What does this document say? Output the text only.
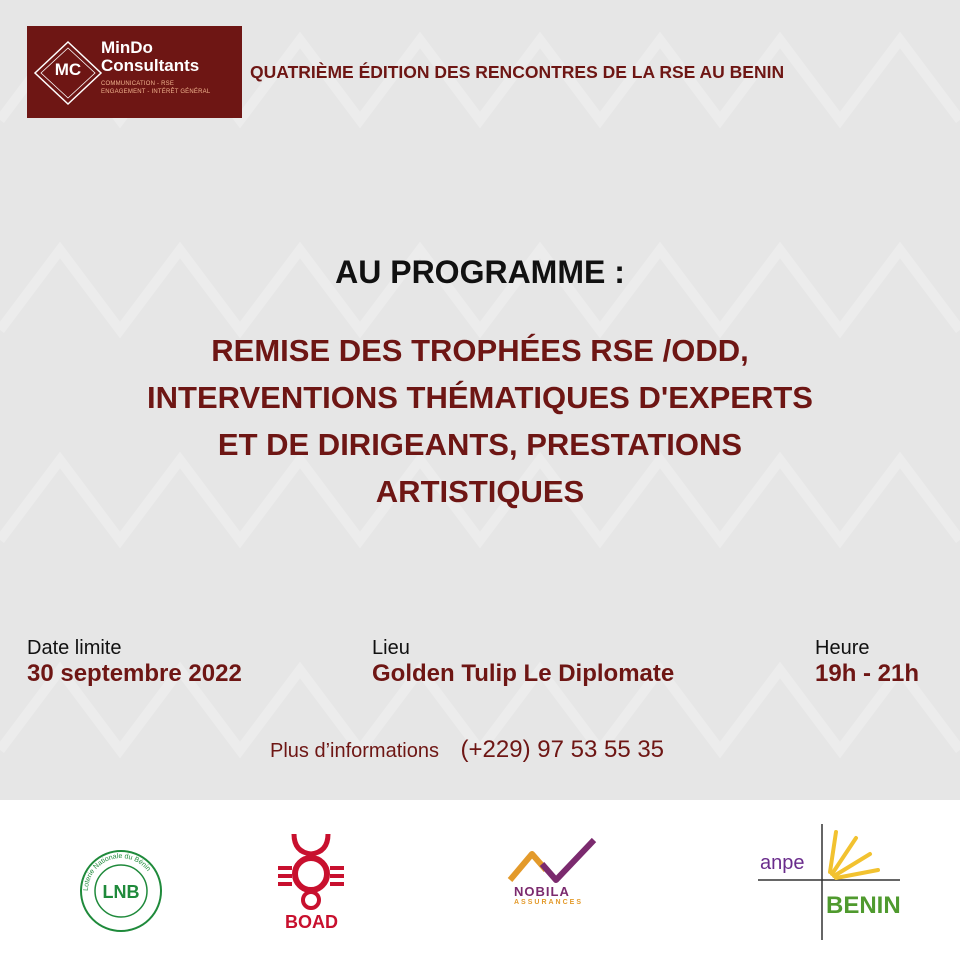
MC
MinDo
Consultants
COMMUNICATION - RSE
ENGAGEMENT - INTÉRÊT GÉNÉRAL
QUATRIÈME ÉDITION DES RENCONTRES DE LA RSE AU BENIN
AU PROGRAMME :
REMISE DES TROPHÉES RSE /ODD,
INTERVENTIONS THÉMATIQUES D'EXPERTS
ET DE DIRIGEANTS, PRESTATIONS
ARTISTIQUES
Date limite
30 septembre 2022
Lieu
Golden Tulip Le Diplomate
Heure
19h - 21h
Plus d’informations (+229) 97 53 55 35
Loterie Nationale du Bénin
LNB
BOAD
NOBILA
ASSURANCES
anpe
BENIN
